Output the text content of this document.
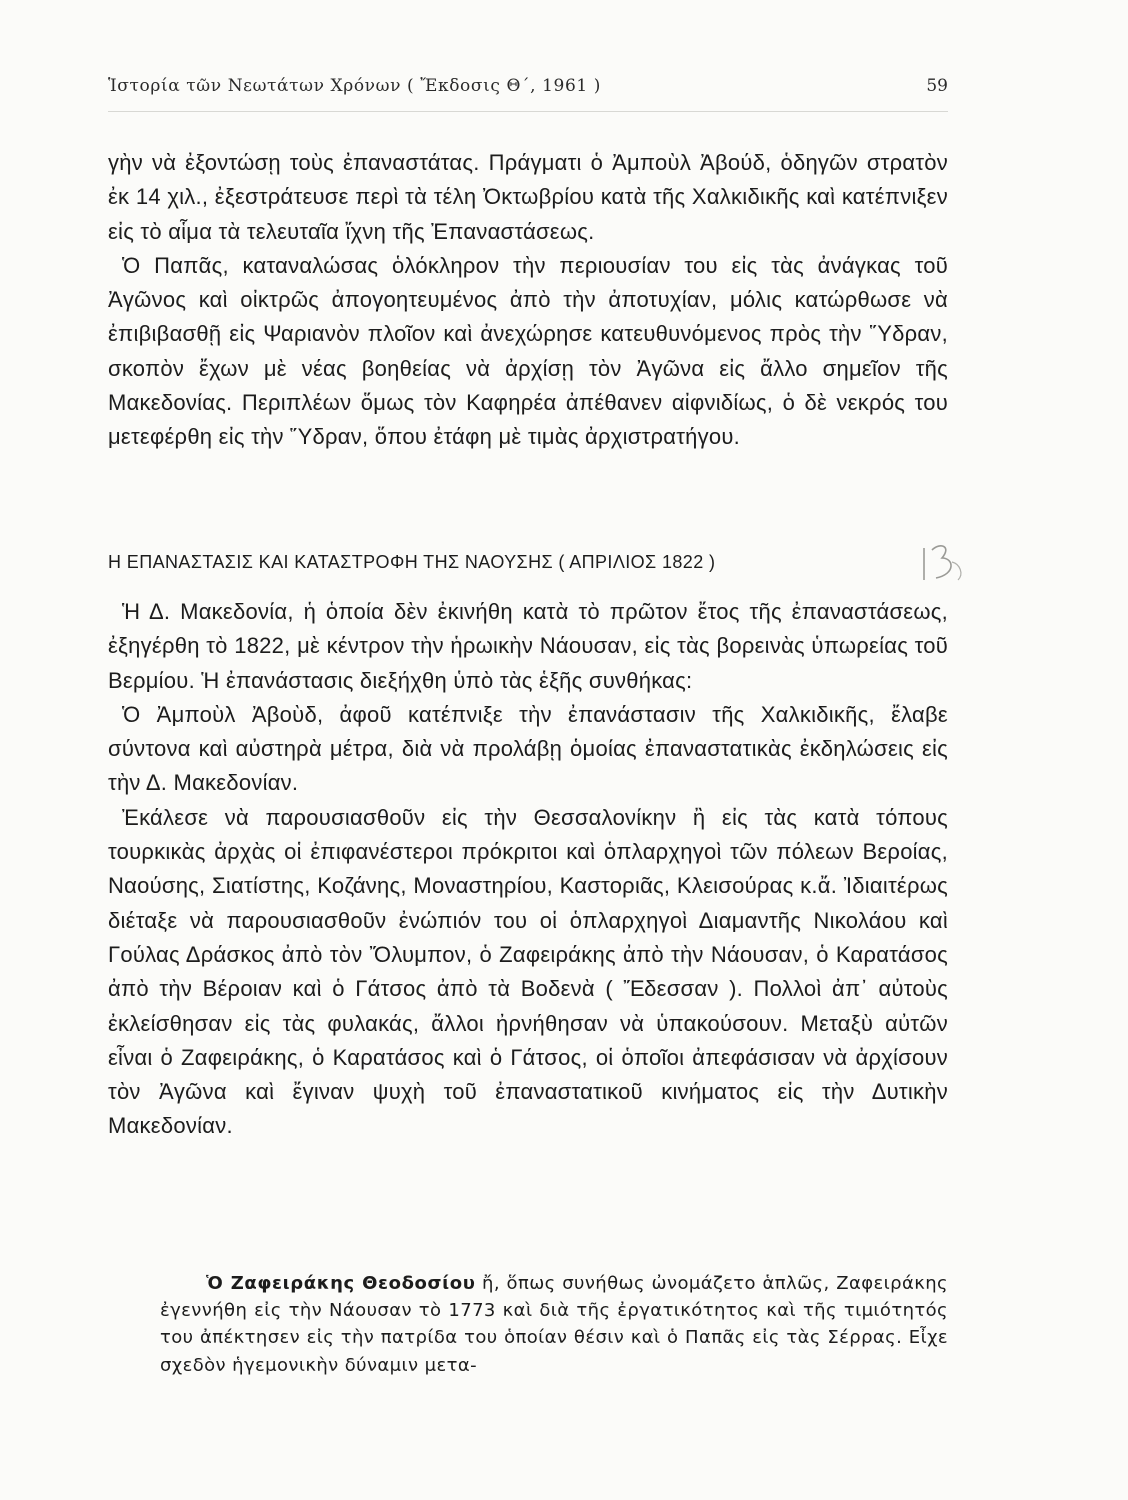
Ἱστορία τῶν Νεωτάτων Χρόνων ( Ἔκδοσις Θ΄, 1961 )	59

γὴν νὰ ἐξοντώσῃ τοὺς ἐπαναστάτας. Πράγματι ὁ Ἀμποὺλ Ἀβούδ, ὁδηγῶν στρατὸν ἐκ 14 χιλ., ἐξεστράτευσε περὶ τὰ τέλη Ὀκτωβρίου κατὰ τῆς Χαλκιδικῆς καὶ κατέπνιξεν εἰς τὸ αἷμα τὰ τελευταῖα ἴχνη τῆς Ἐπαναστάσεως.

Ὁ Παπᾶς, καταναλώσας ὁλόκληρον τὴν περιουσίαν του εἰς τὰς ἀνάγκας τοῦ Ἀγῶνος καὶ οἰκτρῶς ἀπογοητευμένος ἀπὸ τὴν ἀποτυχίαν, μόλις κατώρθωσε νὰ ἐπιβιβασθῇ εἰς Ψαριανὸν πλοῖον καὶ ἀνεχώρησε κατευθυνόμενος πρὸς τὴν Ὕδραν, σκοπὸν ἔχων μὲ νέας βοηθείας νὰ ἀρχίσῃ τὸν Ἀγῶνα εἰς ἄλλο σημεῖον τῆς Μακεδονίας. Περιπλέων ὅμως τὸν Καφηρέα ἀπέθανεν αἰφνιδίως, ὁ δὲ νεκρός του μετεφέρθη εἰς τὴν Ὕδραν, ὅπου ἐτάφη μὲ τιμὰς ἀρχιστρατήγου.

Η ΕΠΑΝΑΣΤΑΣΙΣ ΚΑΙ ΚΑΤΑΣΤΡΟΦΗ ΤΗΣ ΝΑΟΥΣΗΣ ( ΑΠΡΙΛΙΟΣ 1822 )

Ἡ Δ. Μακεδονία, ἡ ὁποία δὲν ἐκινήθη κατὰ τὸ πρῶτον ἔτος τῆς ἐπαναστάσεως, ἐξηγέρθη τὸ 1822, μὲ κέντρον τὴν ἡρωικὴν Νάουσαν, εἰς τὰς βορεινὰς ὑπωρείας τοῦ Βερμίου. Ἡ ἐπανάστασις διεξήχθη ὑπὸ τὰς ἑξῆς συνθήκας:

Ὁ Ἀμποὺλ Ἀβοὺδ, ἀφοῦ κατέπνιξε τὴν ἐπανάστασιν τῆς Χαλκιδικῆς, ἔλαβε σύντονα καὶ αὐστηρὰ μέτρα, διὰ νὰ προλάβῃ ὁμοίας ἐπαναστατικὰς ἐκδηλώσεις εἰς τὴν Δ. Μακεδονίαν.

Ἐκάλεσε νὰ παρουσιασθοῦν εἰς τὴν Θεσσαλονίκην ἢ εἰς τὰς κατὰ τόπους τουρκικὰς ἀρχὰς οἱ ἐπιφανέστεροι πρόκριτοι καὶ ὁπλαρχηγοὶ τῶν πόλεων Βεροίας, Ναούσης, Σιατίστης, Κοζάνης, Μοναστηρίου, Καστοριᾶς, Κλεισούρας κ.ἄ. Ἰδιαιτέρως διέταξε νὰ παρουσιασθοῦν ἐνώπιόν του οἱ ὁπλαρχηγοὶ Διαμαντῆς Νικολάου καὶ Γούλας Δράσκος ἀπὸ τὸν Ὄλυμπον, ὁ Ζαφειράκης ἀπὸ τὴν Νάουσαν, ὁ Καρατάσος ἀπὸ τὴν Βέροιαν καὶ ὁ Γάτσος ἀπὸ τὰ Βοδενὰ ( Ἔδεσσαν ). Πολλοὶ ἀπ᾽ αὐτοὺς ἐκλείσθησαν εἰς τὰς φυλακάς, ἄλλοι ἠρνήθησαν νὰ ὑπακούσουν. Μεταξὺ αὐτῶν εἶναι ὁ Ζαφειράκης, ὁ Καρατάσος καὶ ὁ Γάτσος, οἱ ὁποῖοι ἀπεφάσισαν νὰ ἀρχίσουν τὸν Ἀγῶνα καὶ ἔγιναν ψυχὴ τοῦ ἐπαναστατικοῦ κινήματος εἰς τὴν Δυτικὴν Μακεδονίαν.

Ὁ Ζαφειράκης Θεοδοσίου ἤ, ὅπως συνήθως ὠνομάζετο ἁπλῶς, Ζαφειράκης ἐγεννήθη εἰς τὴν Νάουσαν τὸ 1773 καὶ διὰ τῆς ἐργατικότητος καὶ τῆς τιμιότητός του ἀπέκτησεν εἰς τὴν πατρίδα του ὁποίαν θέσιν καὶ ὁ Παπᾶς εἰς τὰς Σέρρας. Εἶχε σχεδὸν ἡγεμονικὴν δύναμιν μετα-
